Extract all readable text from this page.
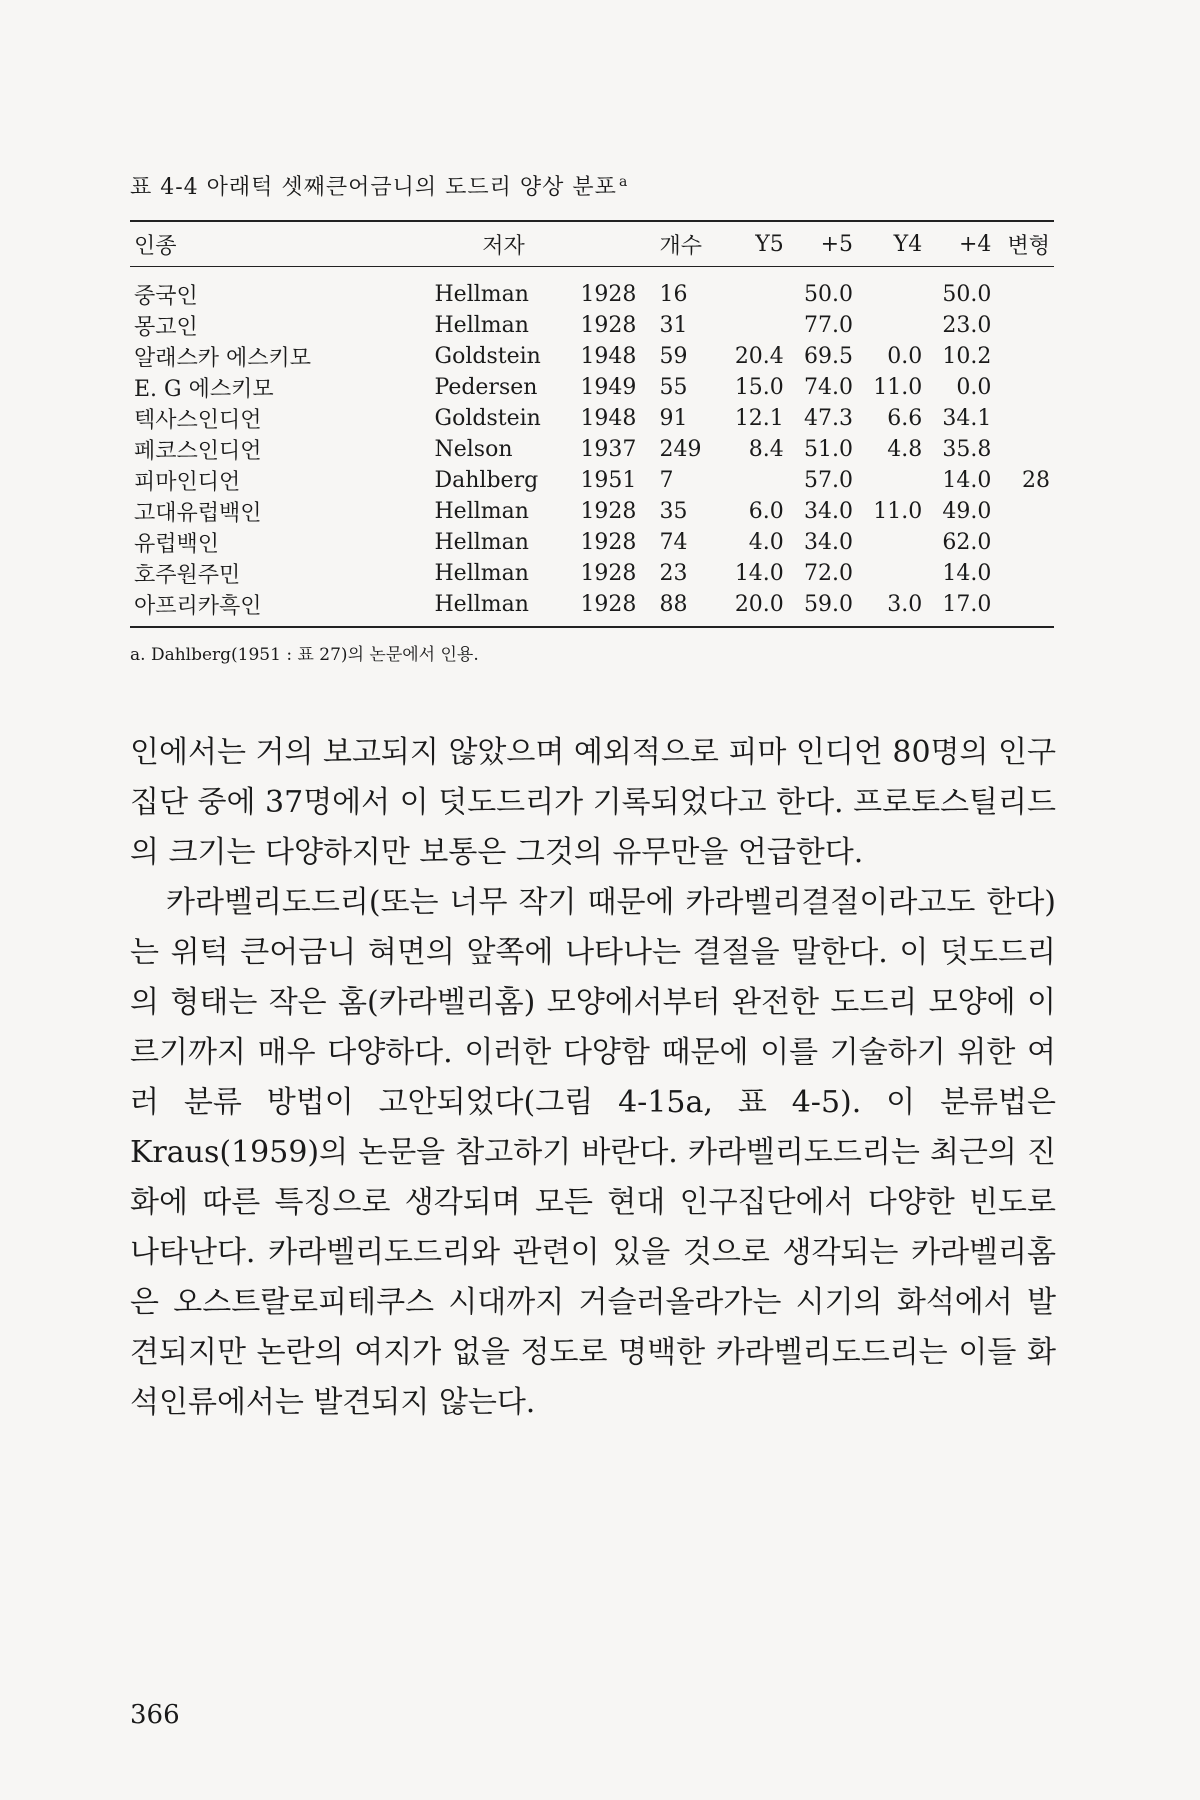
표 4-4 아래턱 셋째큰어금니의 도드리 양상 분포 $^a$
인종	저자		개수	Y5	+5	Y4	+4	변형
중국인	Hellman	1928	16		50.0		50.0	
몽고인	Hellman	1928	31		77.0		23.0	
알래스카 에스키모	Goldstein	1948	59	20.4	69.5	0.0	10.2	
E. G 에스키모	Pedersen	1949	55	15.0	74.0	11.0	0.0	
텍사스인디언	Goldstein	1948	91	12.1	47.3	6.6	34.1	
페코스인디언	Nelson	1937	249	8.4	51.0	4.8	35.8	
피마인디언	Dahlberg	1951	7		57.0		14.0	28
고대유럽백인	Hellman	1928	35	6.0	34.0	11.0	49.0	
유럽백인	Hellman	1928	74	4.0	34.0		62.0	
호주원주민	Hellman	1928	23	14.0	72.0		14.0	
아프리카흑인	Hellman	1928	88	20.0	59.0	3.0	17.0	
a. Dahlberg(1951 : 표 27)의 논문에서 인용.

인에서는 거의 보고되지 않았으며 예외적으로 피마 인디언 80명의 인구집단 중에 37명에서 이 덧도드리가 기록되었다고 한다. 프로토스틸리드의 크기는 다양하지만 보통은 그것의 유무만을 언급한다.

카라벨리도드리(또는 너무 작기 때문에 카라벨리결절이라고도 한다)는 위턱 큰어금니 혀면의 앞쪽에 나타나는 결절을 말한다. 이 덧도드리의 형태는 작은 홈(카라벨리홈) 모양에서부터 완전한 도드리 모양에 이르기까지 매우 다양하다. 이러한 다양함 때문에 이를 기술하기 위한 여러 분류 방법이 고안되었다(그림 4-15a, 표 4-5). 이 분류법은 Kraus(1959)의 논문을 참고하기 바란다. 카라벨리도드리는 최근의 진화에 따른 특징으로 생각되며 모든 현대 인구집단에서 다양한 빈도로 나타난다. 카라벨리도드리와 관련이 있을 것으로 생각되는 카라벨리홈은 오스트랄로피테쿠스 시대까지 거슬러올라가는 시기의 화석에서 발견되지만 논란의 여지가 없을 정도로 명백한 카라벨리도드리는 이들 화석인류에서는 발견되지 않는다.

366
